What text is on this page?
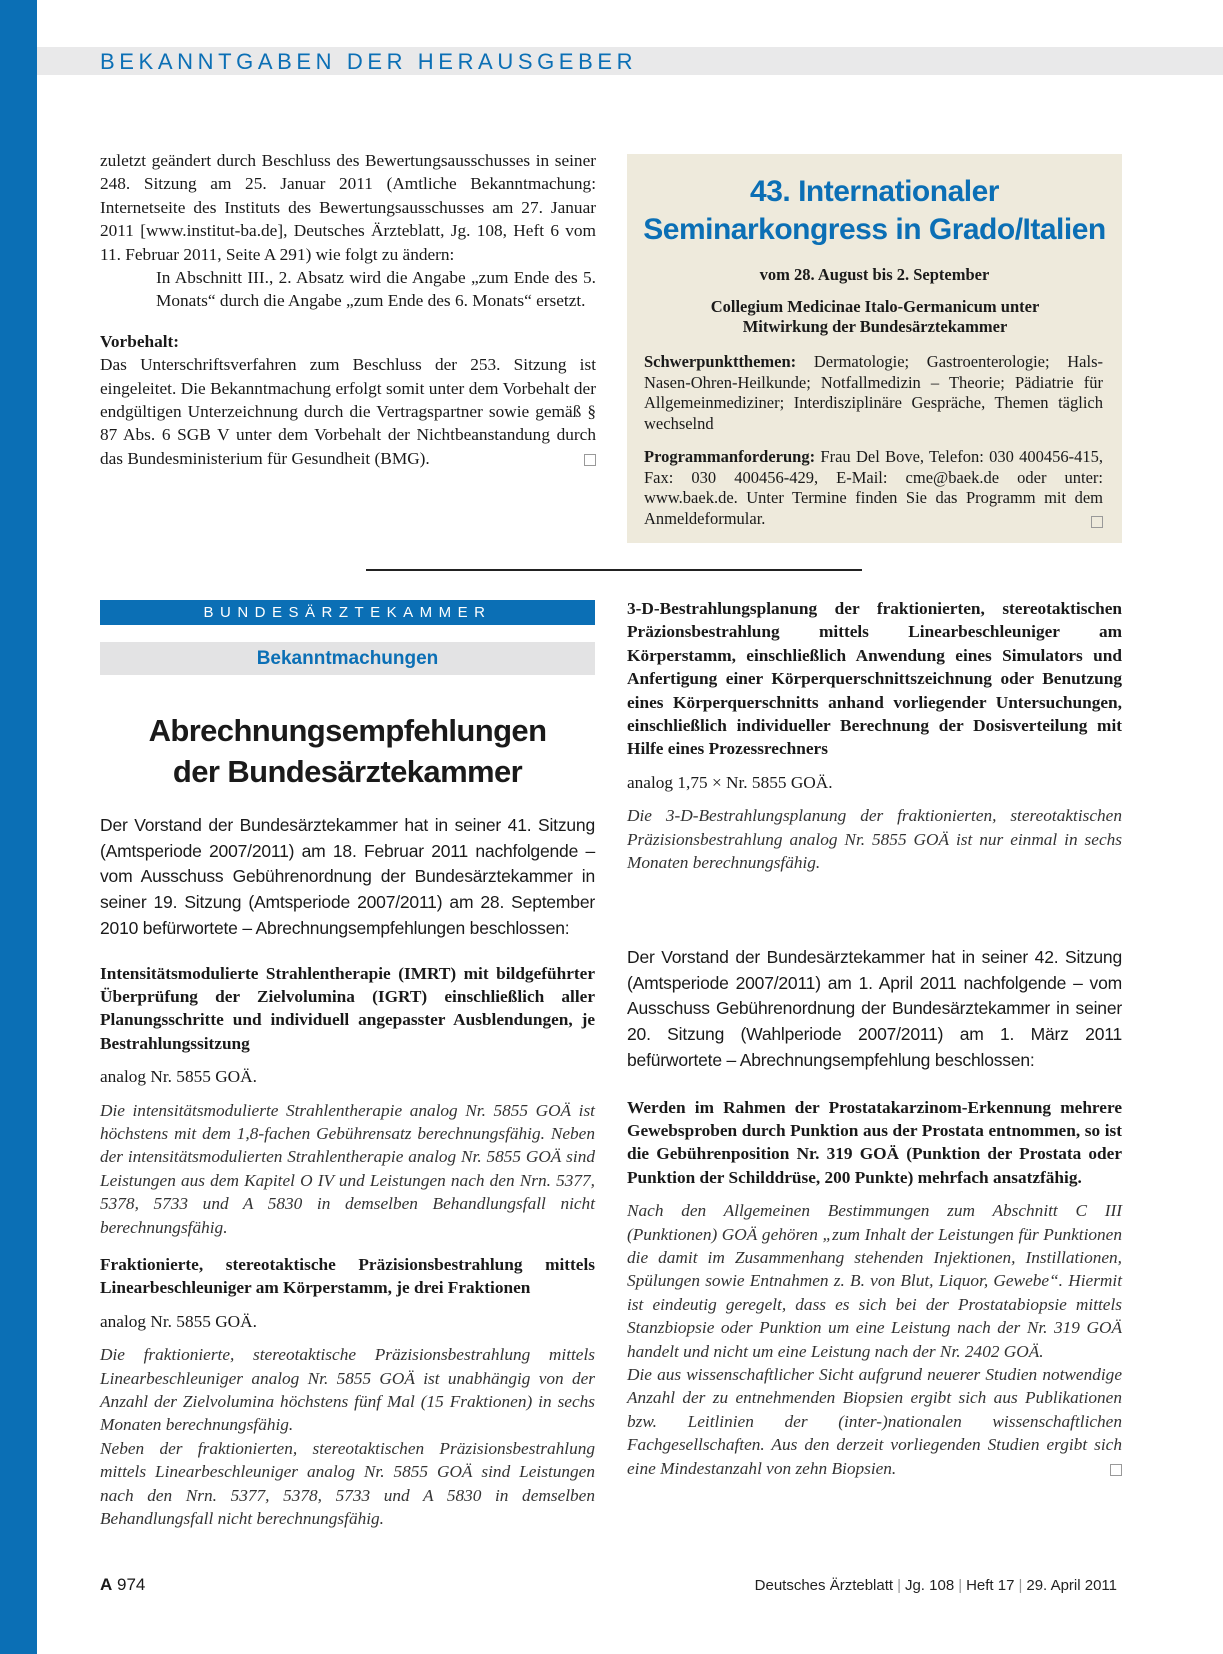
BEKANNTGABEN DER HERAUSGEBER

zuletzt geändert durch Beschluss des Bewertungsausschusses in seiner 248. Sitzung am 25. Januar 2011 (Amtliche Bekanntmachung: Internetseite des Instituts des Bewertungsausschusses am 27. Januar 2011 [www.institut-ba.de], Deutsches Ärzteblatt, Jg. 108, Heft 6 vom 11. Februar 2011, Seite A 291) wie folgt zu ändern:

In Abschnitt III., 2. Absatz wird die Angabe „zum Ende des 5. Monats“ durch die Angabe „zum Ende des 6. Monats“ ersetzt.

Vorbehalt:

Das Unterschriftsverfahren zum Beschluss der 253. Sitzung ist eingeleitet. Die Bekanntmachung erfolgt somit unter dem Vorbehalt der endgültigen Unterzeichnung durch die Vertragspartner sowie gemäß § 87 Abs. 6 SGB V unter dem Vorbehalt der Nichtbeanstandung durch das Bundesministerium für Gesundheit (BMG).

43. Internationaler
Seminarkongress in Grado/Italien
vom 28. August bis 2. September
Collegium Medicinae Italo-Germanicum unter
Mitwirkung der Bundesärztekammer

Schwerpunktthemen: Dermatologie; Gastroenterologie; Hals-Nasen-Ohren-Heilkunde; Notfallmedizin – Theorie; Pädiatrie für Allgemeinmediziner; Interdisziplinäre Gespräche, Themen täglich wechselnd

Programmanforderung: Frau Del Bove, Telefon: 030 400456-415, Fax: 030 400456-429, E-Mail: cme@baek.de oder unter: www.baek.de. Unter Termine finden Sie das Programm mit dem Anmeldeformular.

BUNDESÄRZTEKAMMER
Bekanntmachungen
Abrechnungsempfehlungen
der Bundesärztekammer

Der Vorstand der Bundesärztekammer hat in seiner 41. Sitzung (Amtsperiode 2007/2011) am 18. Februar 2011 nachfolgende – vom Ausschuss Gebührenordnung der Bundesärztekammer in seiner 19. Sitzung (Amtsperiode 2007/2011) am 28. September 2010 befürwortete – Abrechnungsempfehlungen beschlossen:

Intensitätsmodulierte Strahlentherapie (IMRT) mit bildgeführter Überprüfung der Zielvolumina (IGRT) einschließlich aller Planungsschritte und individuell angepasster Ausblendungen, je Bestrahlungssitzung

analog Nr. 5855 GOÄ.

Die intensitätsmodulierte Strahlentherapie analog Nr. 5855 GOÄ ist höchstens mit dem 1,8-fachen Gebührensatz berechnungsfähig. Neben der intensitätsmodulierten Strahlentherapie analog Nr. 5855 GOÄ sind Leistungen aus dem Kapitel O IV und Leistungen nach den Nrn. 5377, 5378, 5733 und A 5830 in demselben Behandlungsfall nicht berechnungsfähig.

Fraktionierte, stereotaktische Präzisionsbestrahlung mittels Linearbeschleuniger am Körperstamm, je drei Fraktionen

analog Nr. 5855 GOÄ.

Die fraktionierte, stereotaktische Präzisionsbestrahlung mittels Linearbeschleuniger analog Nr. 5855 GOÄ ist unabhängig von der Anzahl der Zielvolumina höchstens fünf Mal (15 Fraktionen) in sechs Monaten berechnungsfähig.

Neben der fraktionierten, stereotaktischen Präzisionsbestrahlung mittels Linearbeschleuniger analog Nr. 5855 GOÄ sind Leistungen nach den Nrn. 5377, 5378, 5733 und A 5830 in demselben Behandlungsfall nicht berechnungsfähig.

3-D-Bestrahlungsplanung der fraktionierten, stereotaktischen Präzionsbestrahlung mittels Linearbeschleuniger am Körperstamm, einschließlich Anwendung eines Simulators und Anfertigung einer Körperquerschnittszeichnung oder Benutzung eines Körperquerschnitts anhand vorliegender Untersuchungen, einschließlich individueller Berechnung der Dosisverteilung mit Hilfe eines Prozessrechners

analog 1,75 × Nr. 5855 GOÄ.

Die 3-D-Bestrahlungsplanung der fraktionierten, stereotaktischen Präzisionsbestrahlung analog Nr. 5855 GOÄ ist nur einmal in sechs Monaten berechnungsfähig.

Der Vorstand der Bundesärztekammer hat in seiner 42. Sitzung (Amtsperiode 2007/2011) am 1. April 2011 nachfolgende – vom Ausschuss Gebührenordnung der Bundesärztekammer in seiner 20. Sitzung (Wahlperiode 2007/2011) am 1. März 2011 befürwortete – Abrechnungsempfehlung beschlossen:

Werden im Rahmen der Prostatakarzinom-Erkennung mehrere Gewebsproben durch Punktion aus der Prostata entnommen, so ist die Gebührenposition Nr. 319 GOÄ (Punktion der Prostata oder Punktion der Schilddrüse, 200 Punkte) mehrfach ansatzfähig.

Nach den Allgemeinen Bestimmungen zum Abschnitt C III (Punktionen) GOÄ gehören „zum Inhalt der Leistungen für Punktionen die damit im Zusammenhang stehenden Injektionen, Instillationen, Spülungen sowie Entnahmen z. B. von Blut, Liquor, Gewebe“. Hiermit ist eindeutig geregelt, dass es sich bei der Prostatabiopsie mittels Stanzbiopsie oder Punktion um eine Leistung nach der Nr. 319 GOÄ handelt und nicht um eine Leistung nach der Nr. 2402 GOÄ.

Die aus wissenschaftlicher Sicht aufgrund neuerer Studien notwendige Anzahl der zu entnehmenden Biopsien ergibt sich aus Publikationen bzw. Leitlinien der (inter-)nationalen wissenschaftlichen Fachgesellschaften. Aus den derzeit vorliegenden Studien ergibt sich eine Mindestanzahl von zehn Biopsien.

A 974	Deutsches Ärzteblatt | Jg. 108 | Heft 17 | 29. April 2011
